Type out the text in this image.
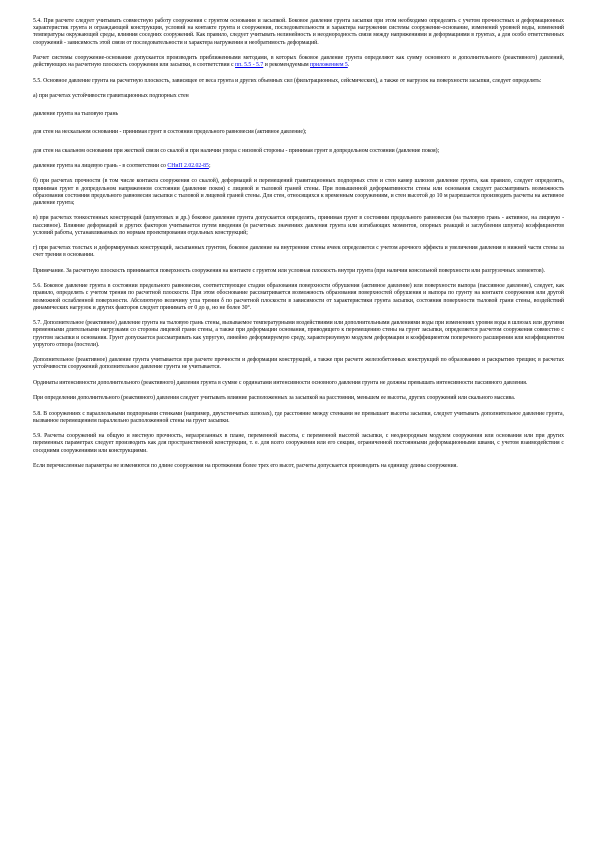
5.4. При расчете следует учитывать совместную работу сооружения с грунтом основания и засыпкой. Боковое давление грунта засыпки при этом необходимо определять с учетом прочностных и деформационных характеристик грунта и ограждающей конструкции, условий на контакте грунта и сооружения, последовательности и характера нагружения системы сооружение-основание, изменений уровней воды, изменений температуры окружающей среды, влияния соседних сооружений. Как правило, следует учитывать нелинейность и неоднородность связи между напряжениями и деформациями в грунтах, а для особо ответственных сооружений - зависимость этой связи от последовательности и характера нагружения и необратимость деформаций.

Расчет системы сооружение-основание допускается производить приближенными методами, в которых боковое давление грунта определяют как сумму основного и дополнительного (реактивного) давлений, действующих на расчетную плоскость сооружения или засыпки, в соответствии с пп. 5.5 - 5.7 и рекомендуемым приложением 5.

5.5. Основное давление грунта на расчетную плоскость, зависящее от веса грунта и других объемных сил (фильтрационных, сейсмических), а также от нагрузок на поверхности засыпки, следует определять:

а) при расчетах устойчивости гравитационных подпорных стен

давление грунта на тыловую грань

для стен на нескальном основании - принимая грунт в состоянии предельного равновесия (активное давление);

для стен на скальном основании при жесткой связи со скалой и при наличии упора с низовой стороны - принимая грунт в допредельном состоянии (давление покоя);

давление грунта на лицевую грань - в соответствии со СНиП 2.02.02-85;

б) при расчетах прочности (в том числе контакта сооружения со скалой), деформаций и перемещений гравитационных подпорных стен и стен камер шлюзов давление грунта, как правило, следует определять, принимая грунт в допредельном напряженном состоянии (давление покоя) с лицевой и тыловой граней стены. При повышенной деформативности стены или основания следует рассматривать возможность образования состояния предельного равновесия засыпки с тыловой и лицевой граней стены. Для стен, относящихся к временным сооружениям, и стен высотой до 10 м разрешается производить расчеты на активное давление грунта;

в) при расчетах тонкостенных конструкций (шпунтовых и др.) боковое давление грунта допускается определять, принимая грунт в состоянии предельного равновесия (на тыловую грань - активное, на лицевую - пассивное). Влияние деформаций и других факторов учитывается путем введения (в расчетных значениях давления грунта или изгибающих моментов, опорных реакций и заглубления шпунта) коэффициентов условий работы, устанавливаемых по нормам проектирования отдельных конструкций;

г) при расчетах толстых и деформируемых конструкций, засыпанных грунтом, боковое давление на внутренние стены ячеек определяется с учетом арочного эффекта и увеличения давления в нижней части стены за счет трения в основании.

Примечание. За расчетную плоскость принимается поверхность сооружения на контакте с грунтом или условная плоскость внутри грунта (при наличии консольной поверхности или разгрузочных элементов).

5.6. Боковое давление грунта в состоянии предельного равновесия, соответствующее стадии образования поверхности обрушения (активное давление) или поверхности выпора (пассивное давление), следует, как правило, определять с учетом трения по расчетной плоскости. При этом обоснование рассматривается возможность образования поверхностей обрушения и выпора по грунту на контакте сооружения или другой возможной ослабленной поверхности. Абсолютную величину угла трения δ по расчетной плоскости в зависимости от характеристики грунта засыпки, состояния поверхности тыловой грани стены, воздействий динамических нагрузок и других факторов следует принимать от 0 до φ, но не более 30°.

5.7. Дополнительное (реактивное) давление грунта на тыловую грань стены, вызываемое температурными воздействиями или дополнительными давлениями воды при изменениях уровня воды в шлюзах или другими временными длительными нагрузками со стороны лицевой грани стены, а также при деформации основания, приводящего к перемещению стены на грунт засыпки, определяется расчетом сооружения совместно с грунтом засыпки и основания. Грунт допускается рассматривать как упругую, линейно деформируемую среду, характеризуемую модулем деформации и коэффициентом поперечного расширения или коэффициентом упругого отпора (постели).

Дополнительное (реактивное) давление грунта учитывается при расчете прочности и деформации конструкций, а также при расчете железобетонных конструкций по образованию и раскрытию трещин; в расчетах устойчивости сооружений дополнительное давление грунта не учитывается.

Ординаты интенсивности дополнительного (реактивного) давления грунта в сумме с ординатами интенсивности основного давления грунта не должны превышать интенсивности пассивного давления.

При определении дополнительного (реактивного) давления следует учитывать влияние расположенных за засыпкой на расстоянии, меньшем ее высоты, других сооружений или скального массива.

5.8. В сооружениях с параллельными подпорными стенками (например, двухстенчатых шлюзах), где расстояние между стенками не превышает высоты засыпки, следует учитывать дополнительное давление грунта, вызванное перемещением параллельно расположенной стены на грунт засыпки.

5.9. Расчеты сооружений на общую и местную прочность, неразрезанных в плане, переменной высоты, с переменной высотой засыпки, с неоднородным модулем сооружения или основания или при других переменных параметрах следует производить как для пространственной конструкции, т. е. для всего сооружения или его секции, ограниченной постоянными деформационными швами, с учетом взаимодействия с соседними сооружениями или конструкциями.

Если перечисленные параметры не изменяются по длине сооружения на протяжении более трех его высот, расчеты допускается производить на единицу длины сооружения.
